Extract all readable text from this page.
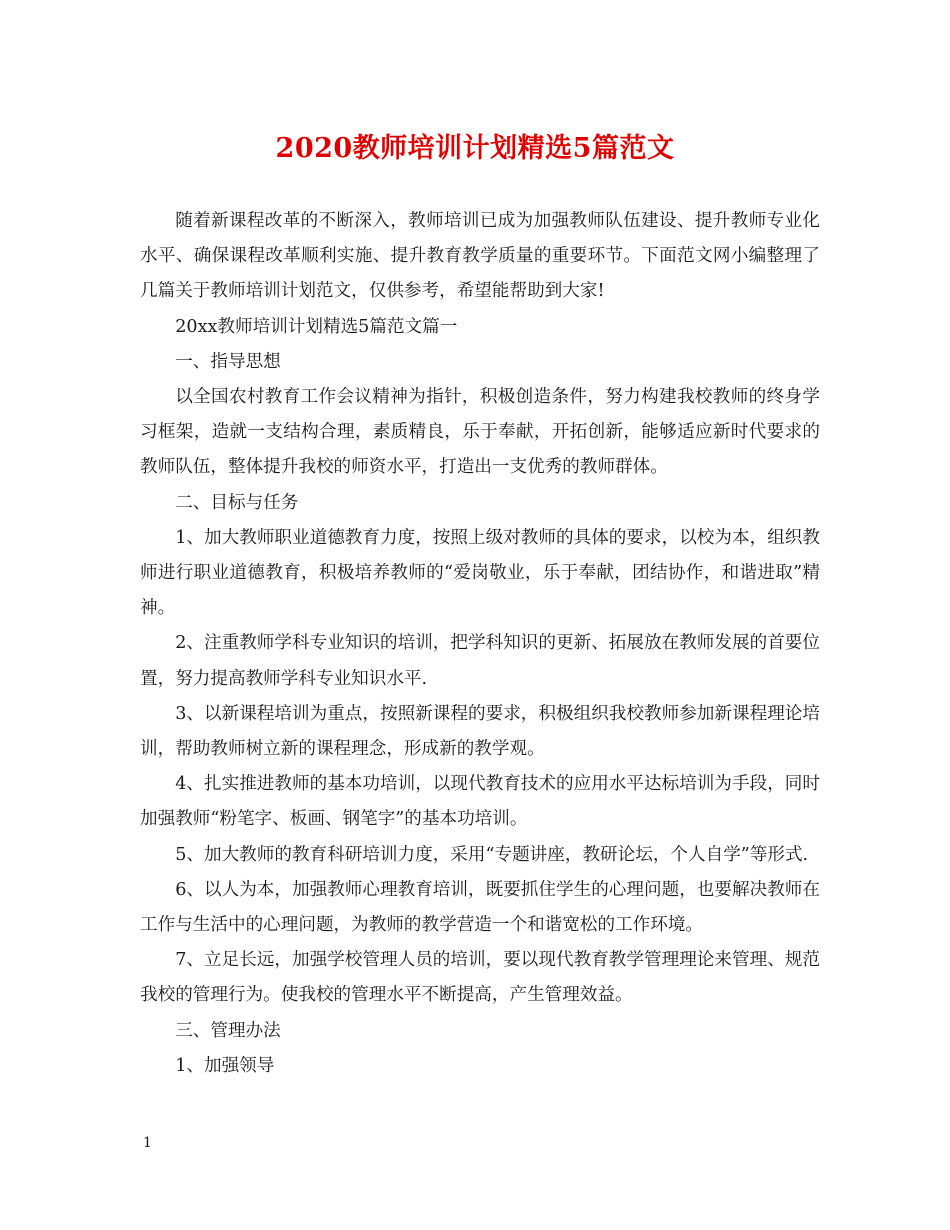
2020教师培训计划精选5篇范文

随着新课程改革的不断深入，教师培训已成为加强教师队伍建设、提升教师专业化水平、确保课程改革顺利实施、提升教育教学质量的重要环节。下面范文网小编整理了几篇关于教师培训计划范文，仅供参考，希望能帮助到大家!

20xx教师培训计划精选5篇范文篇一

一、指导思想

以全国农村教育工作会议精神为指针，积极创造条件，努力构建我校教师的终身学习框架，造就一支结构合理，素质精良，乐于奉献，开拓创新，能够适应新时代要求的教师队伍，整体提升我校的师资水平，打造出一支优秀的教师群体。

二、目标与任务

1、加大教师职业道德教育力度，按照上级对教师的具体的要求，以校为本，组织教师进行职业道德教育，积极培养教师的“爱岗敬业，乐于奉献，团结协作，和谐进取”精神。

2、注重教师学科专业知识的培训，把学科知识的更新、拓展放在教师发展的首要位置，努力提高教师学科专业知识水平.

3、以新课程培训为重点，按照新课程的要求，积极组织我校教师参加新课程理论培训，帮助教师树立新的课程理念，形成新的教学观。

4、扎实推进教师的基本功培训，以现代教育技术的应用水平达标培训为手段，同时加强教师“粉笔字、板画、钢笔字”的基本功培训。

5、加大教师的教育科研培训力度，采用“专题讲座，教研论坛，个人自学”等形式.

6、以人为本，加强教师心理教育培训，既要抓住学生的心理问题，也要解决教师在工作与生活中的心理问题，为教师的教学营造一个和谐宽松的工作环境。

7、立足长远，加强学校管理人员的培训，要以现代教育教学管理理论来管理、规范我校的管理行为。使我校的管理水平不断提高，产生管理效益。

三、管理办法

1、加强领导

1
